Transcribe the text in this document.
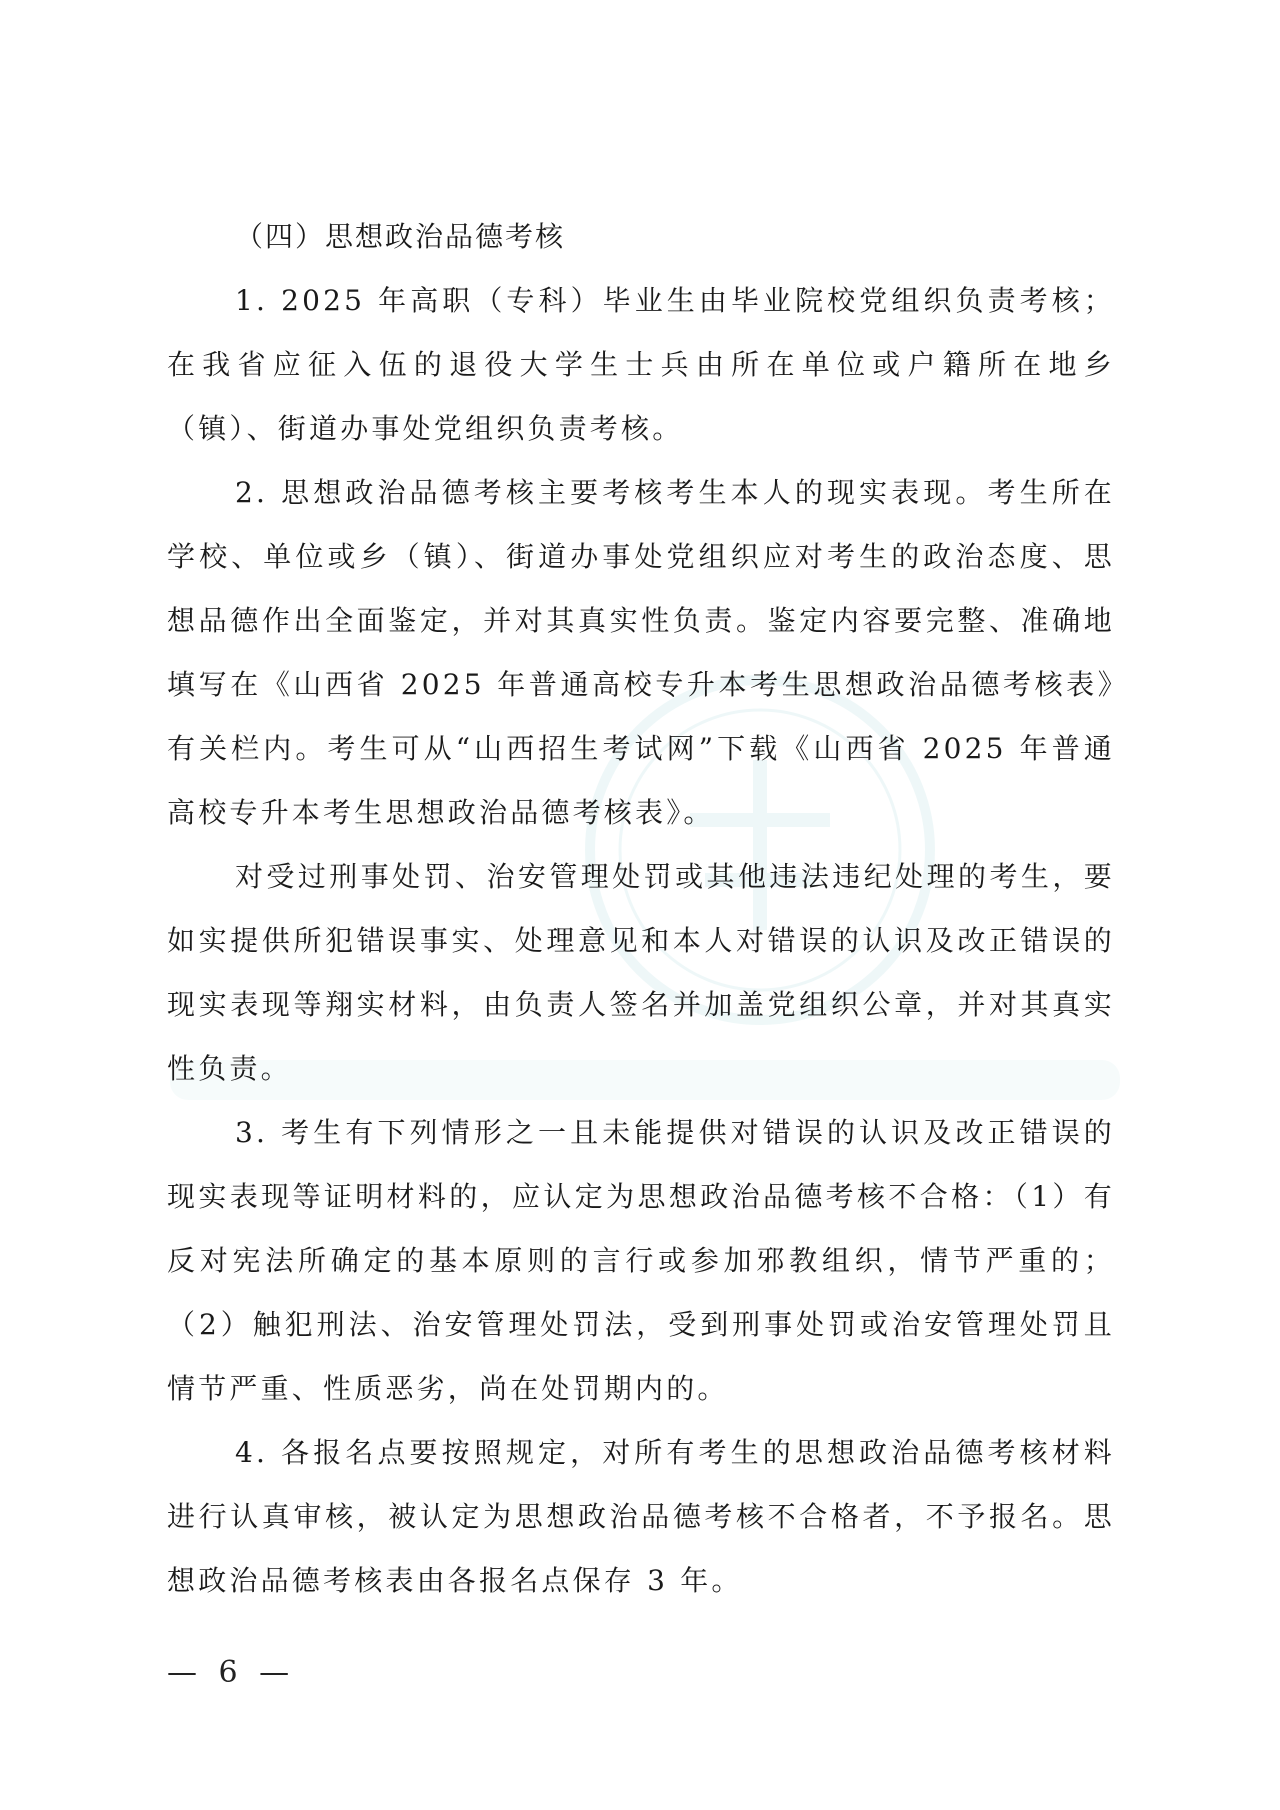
（四）思想政治品德考核

1. 2025 年高职（专科）毕业生由毕业院校党组织负责考核；在我省应征入伍的退役大学生士兵由所在单位或户籍所在地乡（镇）、街道办事处党组织负责考核。

2. 思想政治品德考核主要考核考生本人的现实表现。考生所在学校、单位或乡（镇）、街道办事处党组织应对考生的政治态度、思想品德作出全面鉴定，并对其真实性负责。鉴定内容要完整、准确地填写在《山西省 2025 年普通高校专升本考生思想政治品德考核表》有关栏内。考生可从“山西招生考试网”下载《山西省 2025 年普通高校专升本考生思想政治品德考核表》。

对受过刑事处罚、治安管理处罚或其他违法违纪处理的考生，要如实提供所犯错误事实、处理意见和本人对错误的认识及改正错误的现实表现等翔实材料，由负责人签名并加盖党组织公章，并对其真实性负责。

3. 考生有下列情形之一且未能提供对错误的认识及改正错误的现实表现等证明材料的，应认定为思想政治品德考核不合格：（1）有反对宪法所确定的基本原则的言行或参加邪教组织，情节严重的；（2）触犯刑法、治安管理处罚法，受到刑事处罚或治安管理处罚且情节严重、性质恶劣，尚在处罚期内的。

4. 各报名点要按照规定，对所有考生的思想政治品德考核材料进行认真审核，被认定为思想政治品德考核不合格者，不予报名。思想政治品德考核表由各报名点保存 3 年。

— 6 —
